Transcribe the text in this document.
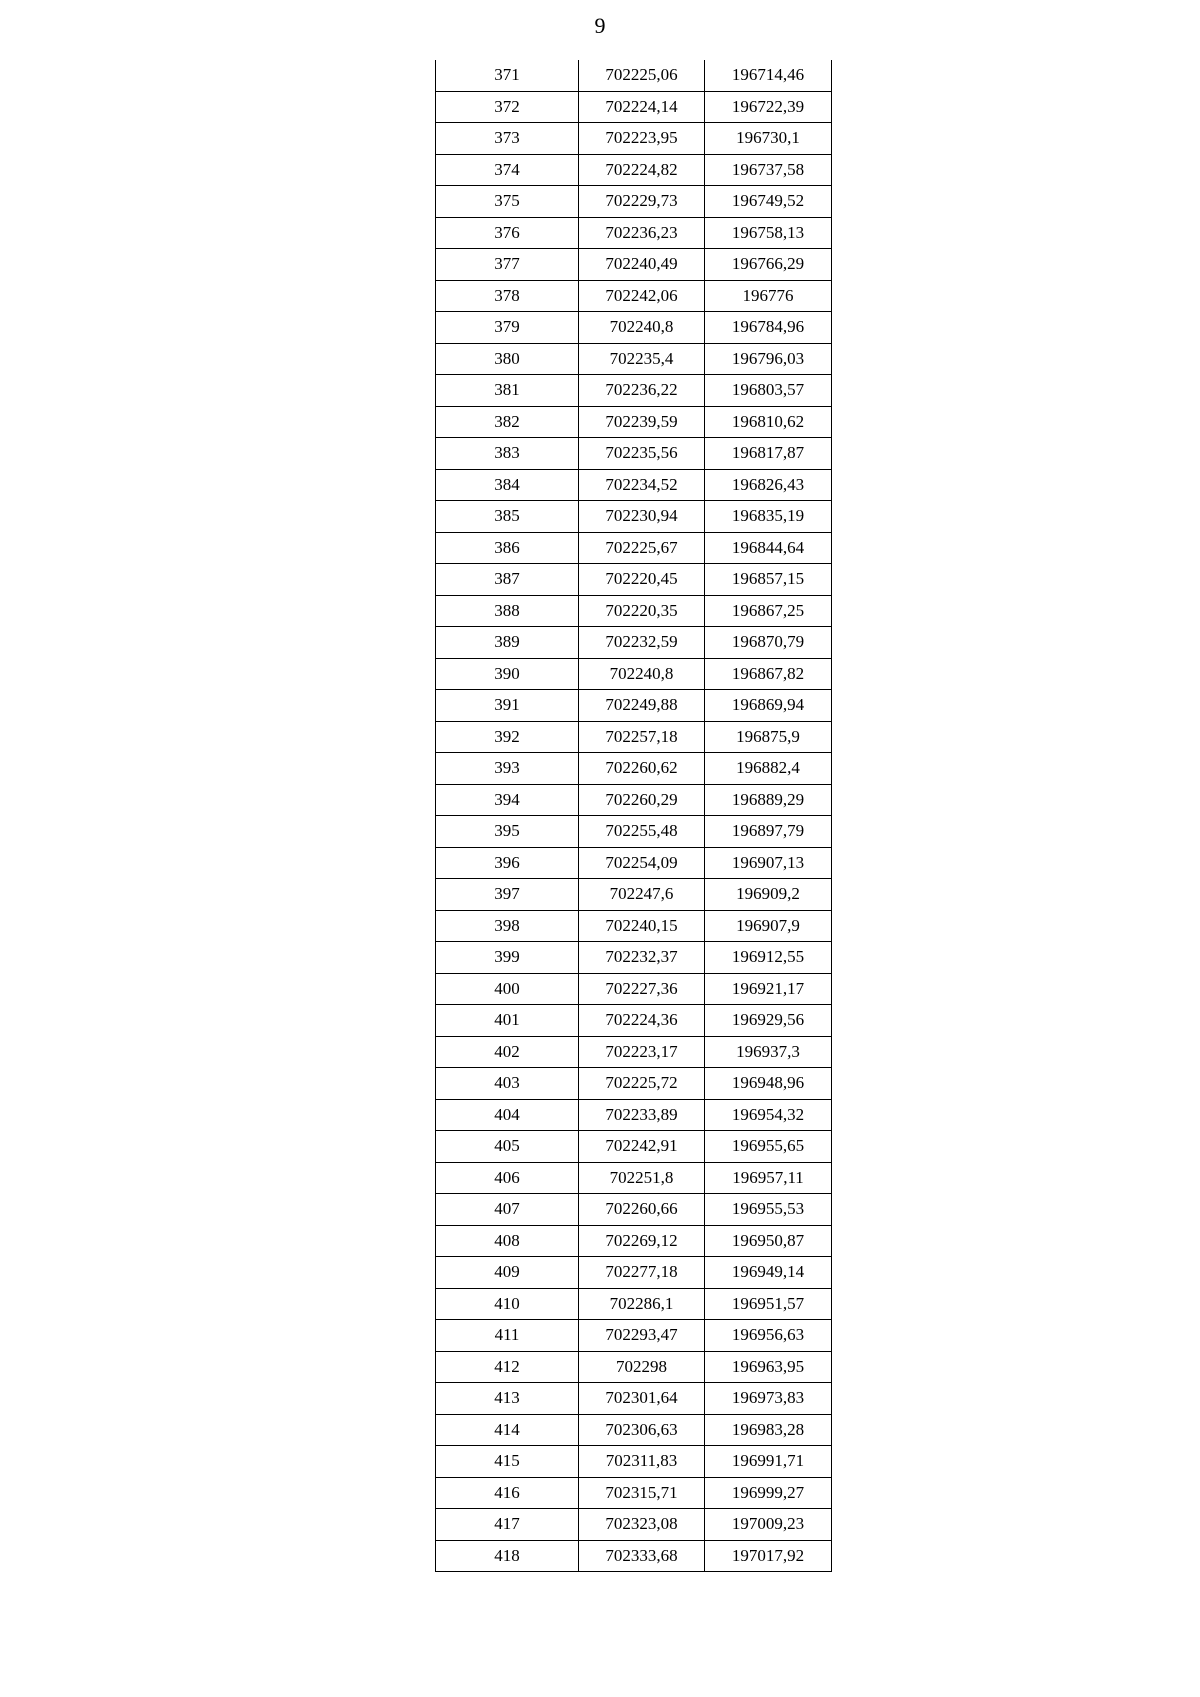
9
371	702225,06	196714,46
372	702224,14	196722,39
373	702223,95	196730,1
374	702224,82	196737,58
375	702229,73	196749,52
376	702236,23	196758,13
377	702240,49	196766,29
378	702242,06	196776
379	702240,8	196784,96
380	702235,4	196796,03
381	702236,22	196803,57
382	702239,59	196810,62
383	702235,56	196817,87
384	702234,52	196826,43
385	702230,94	196835,19
386	702225,67	196844,64
387	702220,45	196857,15
388	702220,35	196867,25
389	702232,59	196870,79
390	702240,8	196867,82
391	702249,88	196869,94
392	702257,18	196875,9
393	702260,62	196882,4
394	702260,29	196889,29
395	702255,48	196897,79
396	702254,09	196907,13
397	702247,6	196909,2
398	702240,15	196907,9
399	702232,37	196912,55
400	702227,36	196921,17
401	702224,36	196929,56
402	702223,17	196937,3
403	702225,72	196948,96
404	702233,89	196954,32
405	702242,91	196955,65
406	702251,8	196957,11
407	702260,66	196955,53
408	702269,12	196950,87
409	702277,18	196949,14
410	702286,1	196951,57
411	702293,47	196956,63
412	702298	196963,95
413	702301,64	196973,83
414	702306,63	196983,28
415	702311,83	196991,71
416	702315,71	196999,27
417	702323,08	197009,23
418	702333,68	197017,92
